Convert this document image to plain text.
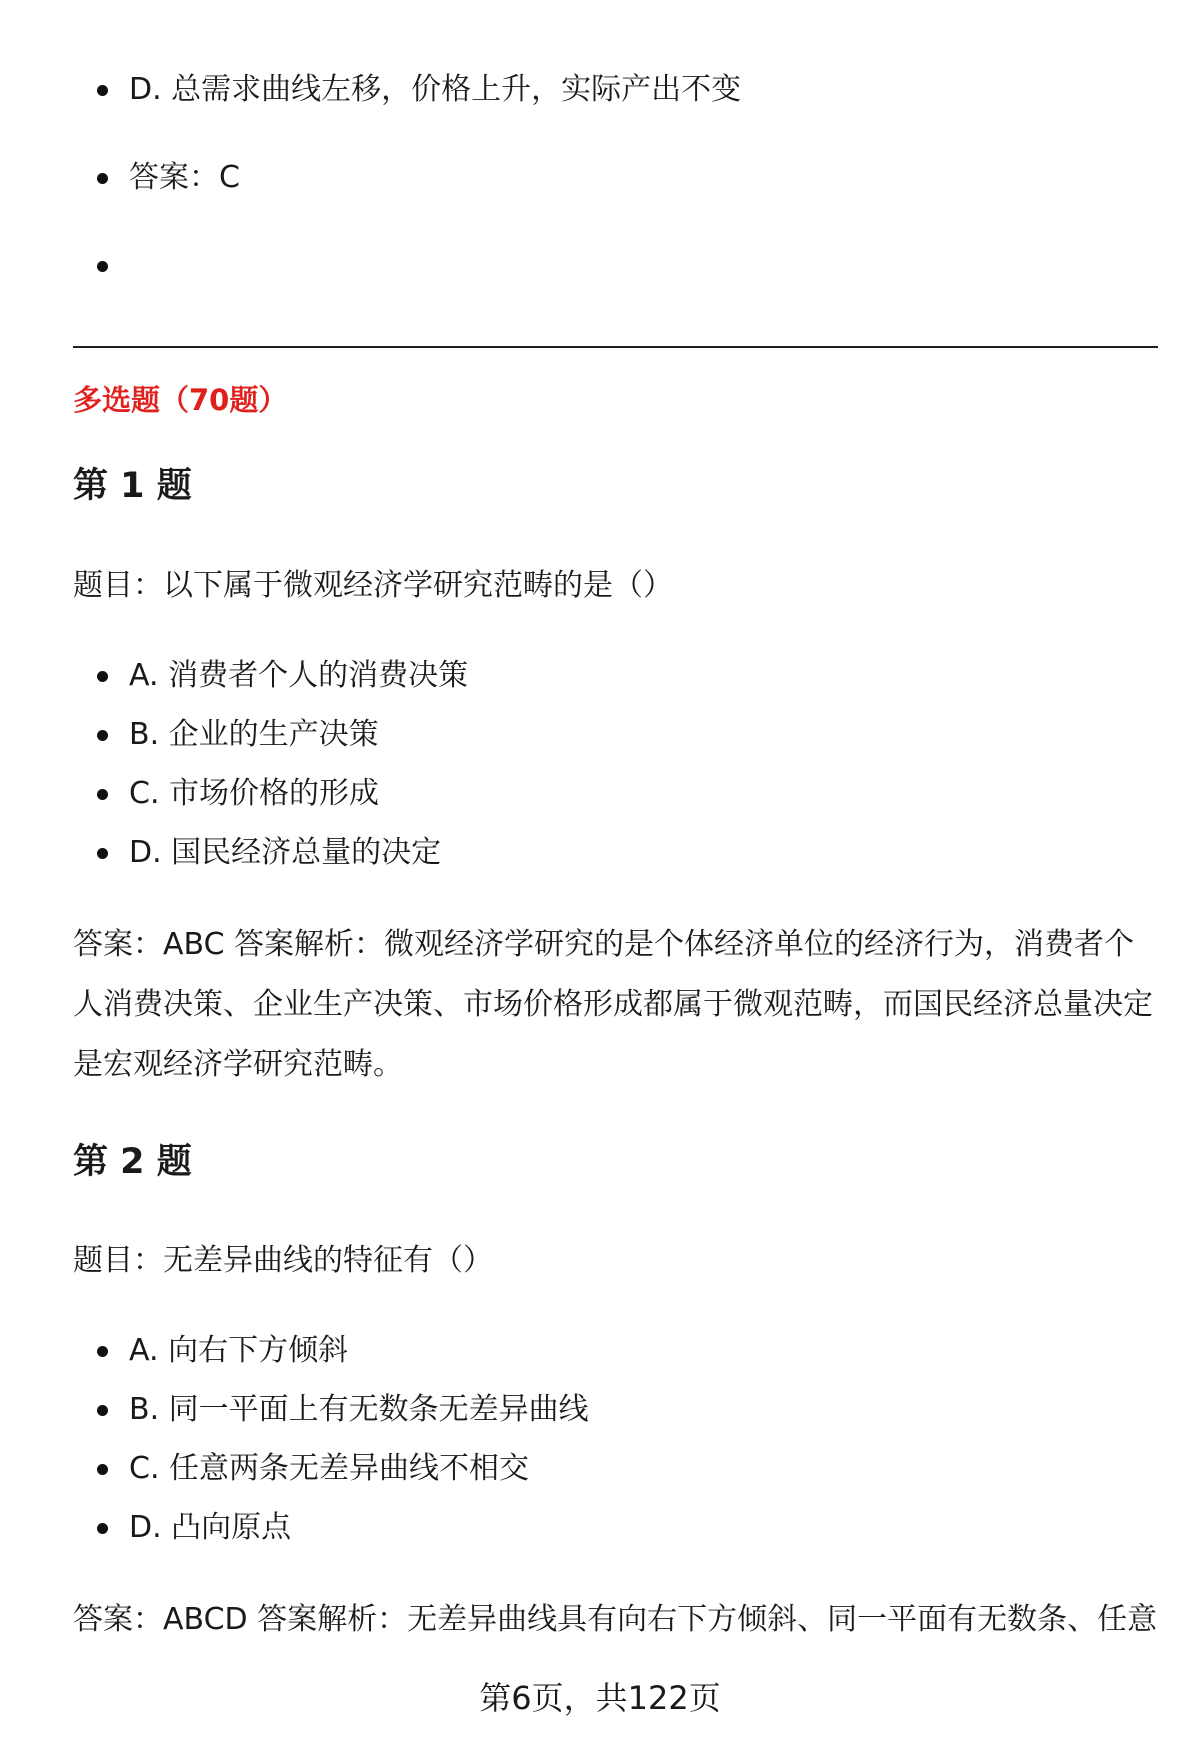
D. 总需求曲线左移，价格上升，实际产出不变
答案：C
多选题（70题）
第 1 题
题目：以下属于微观经济学研究范畴的是（）
A. 消费者个人的消费决策
B. 企业的生产决策
C. 市场价格的形成
D. 国民经济总量的决定
答案：ABC 答案解析：微观经济学研究的是个体经济单位的经济行为，消费者个人消费决策、企业生产决策、市场价格形成都属于微观范畴，而国民经济总量决定是宏观经济学研究范畴。
第 2 题
题目：无差异曲线的特征有（）
A. 向右下方倾斜
B. 同一平面上有无数条无差异曲线
C. 任意两条无差异曲线不相交
D. 凸向原点
答案：ABCD 答案解析：无差异曲线具有向右下方倾斜、同一平面有无数条、任意
第6页，共122页
